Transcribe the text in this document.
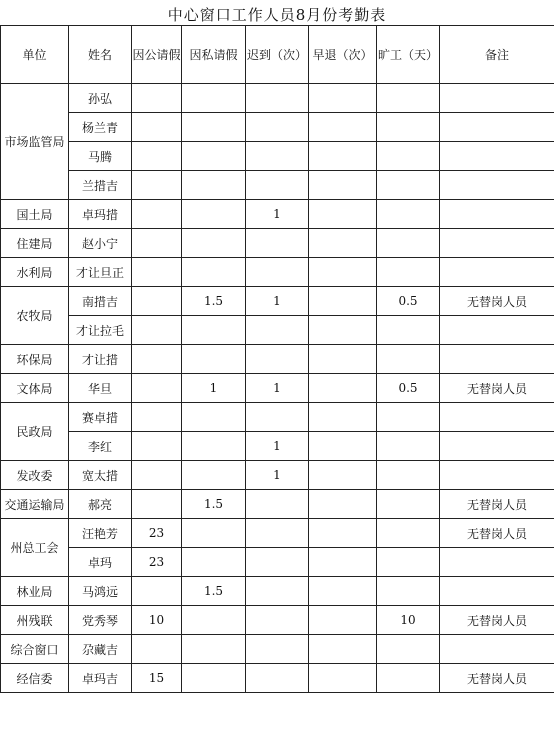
中心窗口工作人员8月份考勤表
单位	姓名	因公请假	因私请假	迟到（次）	早退（次）	旷工（天）	备注
市场监管局	孙弘						
	杨兰青						
	马腾						
	兰措吉						
国土局	卓玛措			1			
住建局	赵小宁						
水利局	才让旦正						
农牧局	南措吉		1.5	1		0.5	无替岗人员
	才让拉毛						
环保局	才让措						
文体局	华旦		1	1		0.5	无替岗人员
民政局	赛卓措						
	李红			1			
发改委	宽太措			1			
交通运输局	郝亮		1.5				无替岗人员
州总工会	汪艳芳	23					无替岗人员
	卓玛	23					
林业局	马鸿远		1.5				
州残联	党秀琴	10				10	无替岗人员
综合窗口	尕藏吉						
经信委	卓玛吉	15					无替岗人员
